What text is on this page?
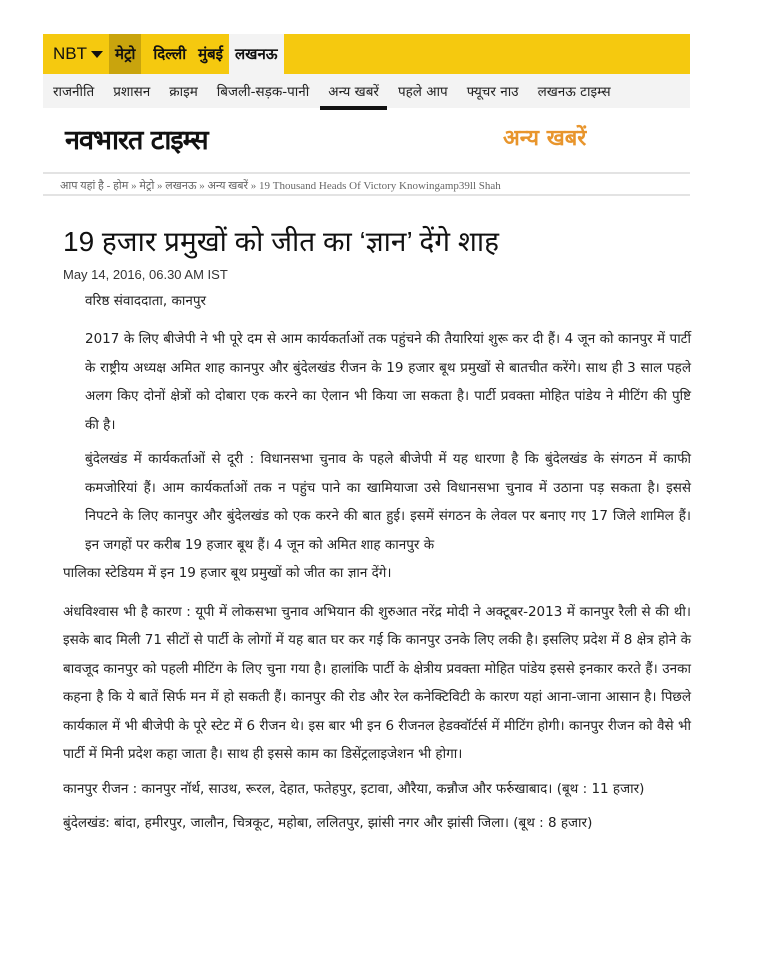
NBT	मेट्रो	दिल्ली मुंबई लखनऊ
राजनीति प्रशासन क्राइम बिजली-सड़क-पानी अन्य खबरें पहले आप फ्यूचर नाउ लखनऊ टाइम्स
नवभारत टाइम्स	अन्य खबरें
आप यहां है - होम » मेट्रो » लखनऊ » अन्य खबरें » 19 Thousand Heads Of Victory Knowingamp39ll Shah
19 हजार प्रमुखों को जीत का ‘ज्ञान’ देंगे शाह
May 14, 2016, 06.30 AM IST
वरिष्ठ संवाददाता, कानपुर

2017 के लिए बीजेपी ने भी पूरे दम से आम कार्यकर्ताओं तक पहुंचने की तैयारियां शुरू कर दी हैं। 4 जून को कानपुर में पार्टी के राष्ट्रीय अध्यक्ष अमित शाह कानपुर और बुंदेलखंड रीजन के 19 हजार बूथ प्रमुखों से बातचीत करेंगे। साथ ही 3 साल पहले अलग किए दोनों क्षेत्रों को दोबारा एक करने का ऐलान भी किया जा सकता है। पार्टी प्रवक्ता मोहित पांडेय ने मीटिंग की पुष्टि की है।

बुंदेलखंड में कार्यकर्ताओं से दूरी : विधानसभा चुनाव के पहले बीजेपी में यह धारणा है कि बुंदेलखंड के संगठन में काफी कमजोरियां हैं। आम कार्यकर्ताओं तक न पहुंच पाने का खामियाजा उसे विधानसभा चुनाव में उठाना पड़ सकता है। इससे निपटने के लिए कानपुर और बुंदेलखंड को एक करने की बात हुई। इसमें संगठन के लेवल पर बनाए गए 17 जिले शामिल हैं। इन जगहों पर करीब 19 हजार बूथ हैं। 4 जून को अमित शाह कानपुर के
पालिका स्टेडियम में इन 19 हजार बूथ प्रमुखों को जीत का ज्ञान देंगे।

अंधविश्वास भी है कारण : यूपी में लोकसभा चुनाव अभियान की शुरुआत नरेंद्र मोदी ने अक्टूबर-2013 में कानपुर रैली से की थी। इसके बाद मिली 71 सीटों से पार्टी के लोगों में यह बात घर कर गई कि कानपुर उनके लिए लकी है। इसलिए प्रदेश में 8 क्षेत्र होने के बावजूद कानपुर को पहली मीटिंग के लिए चुना गया है। हालांकि पार्टी के क्षेत्रीय प्रवक्ता मोहित पांडेय इससे इनकार करते हैं। उनका कहना है कि ये बातें सिर्फ मन में हो सकती हैं। कानपुर की रोड और रेल कनेक्टिविटी के कारण यहां आना-जाना आसान है। पिछले कार्यकाल में भी बीजेपी के पूरे स्टेट में 6 रीजन थे। इस बार भी इन 6 रीजनल हेडक्वॉर्टर्स में मीटिंग होगी। कानपुर रीजन को वैसे भी पार्टी में मिनी प्रदेश कहा जाता है। साथ ही इससे काम का डिसेंट्रलाइजेशन भी होगा।

कानपुर रीजन : कानपुर नॉर्थ, साउथ, रूरल, देहात, फतेहपुर, इटावा, औरैया, कन्नौज और फर्रुखाबाद। (बूथ : 11 हजार)

बुंदेलखंड: बांदा, हमीरपुर, जालौन, चित्रकूट, महोबा, ललितपुर, झांसी नगर और झांसी जिला। (बूथ : 8 हजार)
